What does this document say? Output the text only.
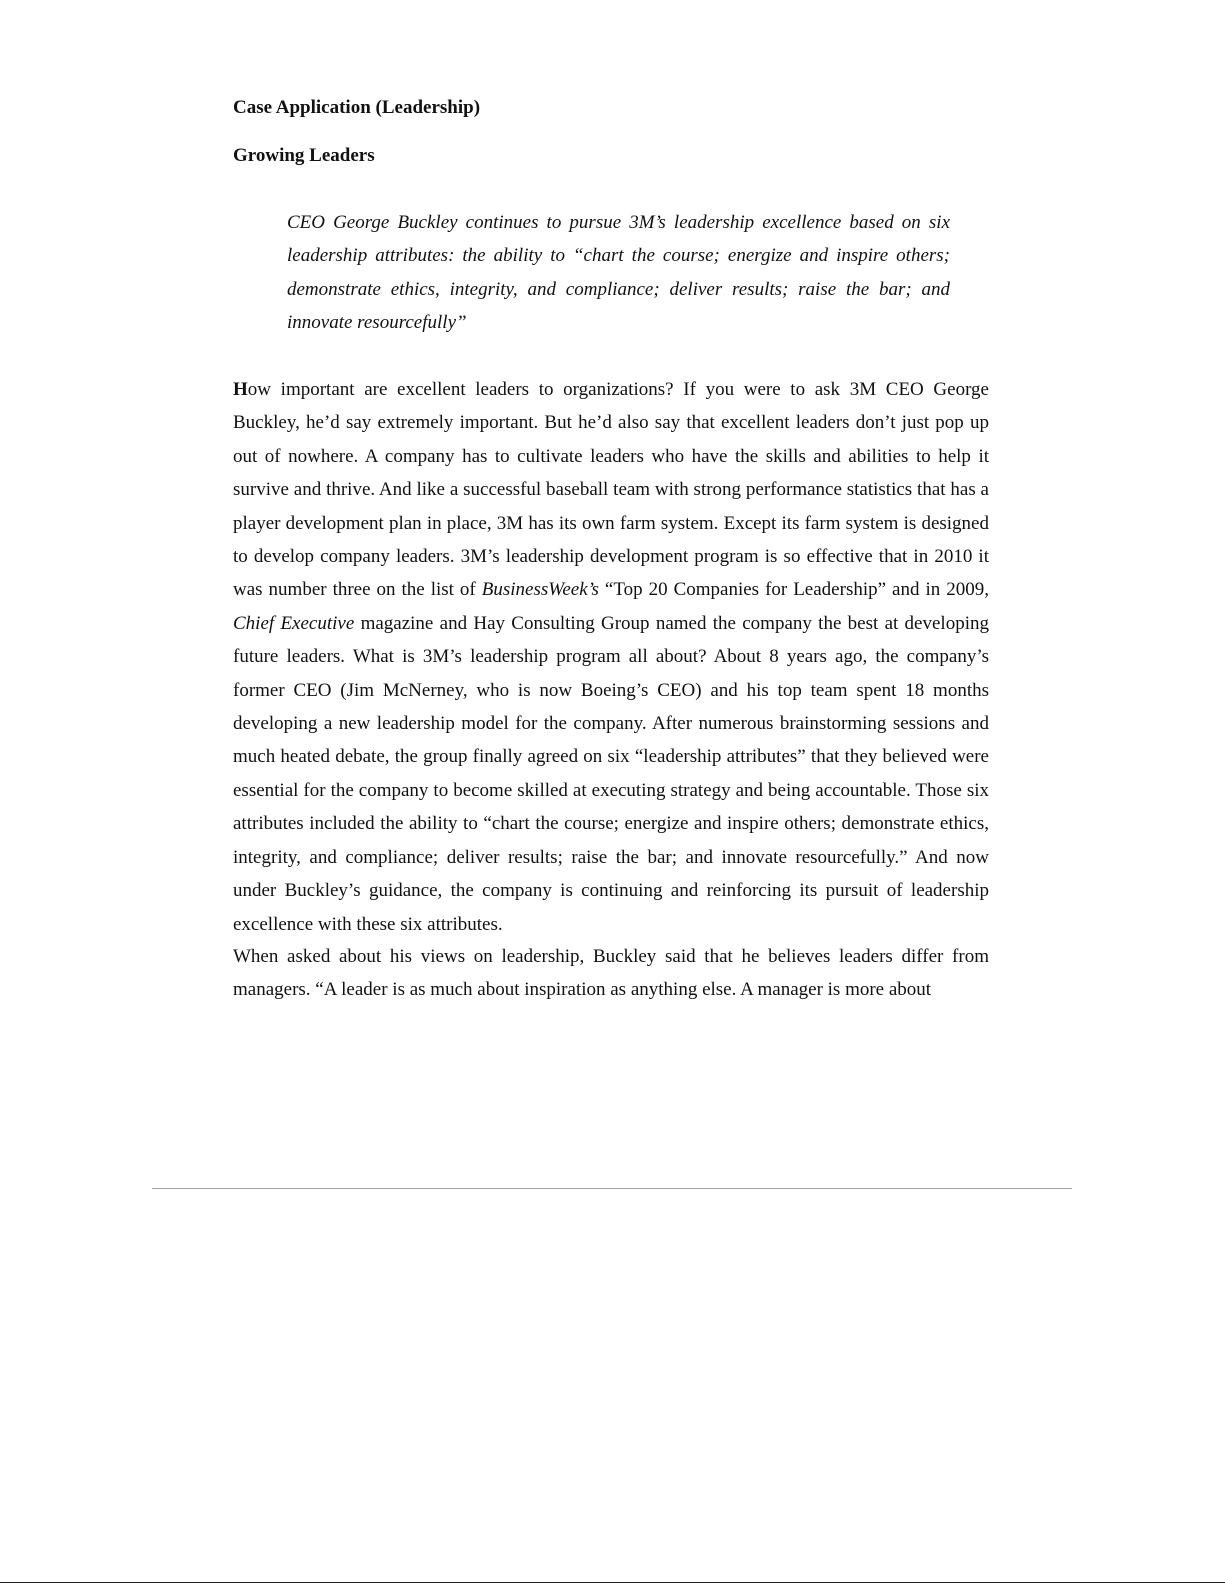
Case Application (Leadership)

Growing Leaders

CEO George Buckley continues to pursue 3M’s leadership excellence based on six leadership attributes: the ability to “chart the course; energize and inspire others; demonstrate ethics, integrity, and compliance; deliver results; raise the bar; and innovate resourcefully”

How important are excellent leaders to organizations? If you were to ask 3M CEO George Buckley, he’d say extremely important. But he’d also say that excellent leaders don’t just pop up out of nowhere. A company has to cultivate leaders who have the skills and abilities to help it survive and thrive. And like a successful baseball team with strong performance statistics that has a player development plan in place, 3M has its own farm system. Except its farm system is designed to develop company leaders. 3M’s leadership development program is so effective that in 2010 it was number three on the list of BusinessWeek’s “Top 20 Companies for Leadership” and in 2009, Chief Executive magazine and Hay Consulting Group named the company the best at developing future leaders. What is 3M’s leadership program all about? About 8 years ago, the company’s former CEO (Jim McNerney, who is now Boeing’s CEO) and his top team spent 18 months developing a new leadership model for the company. After numerous brainstorming sessions and much heated debate, the group finally agreed on six “leadership attributes” that they believed were essential for the company to become skilled at executing strategy and being accountable. Those six attributes included the ability to “chart the course; energize and inspire others; demonstrate ethics, integrity, and compliance; deliver results; raise the bar; and innovate resourcefully.” And now under Buckley’s guidance, the company is continuing and reinforcing its pursuit of leadership excellence with these six attributes.

When asked about his views on leadership, Buckley said that he believes leaders differ from managers. “A leader is as much about inspiration as anything else. A manager is more about
